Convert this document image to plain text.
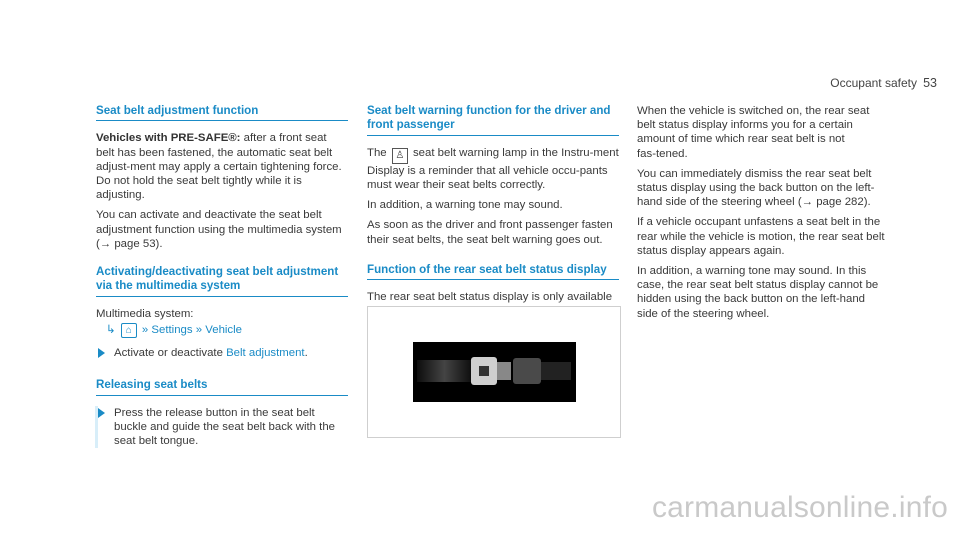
Occupant safety 53
Seat belt adjustment function

Vehicles with PRE‑SAFE®: after a front seat belt has been fastened, the automatic seat belt adjust‑ment may apply a certain tightening force. Do not hold the seat belt tightly while it is adjusting.

You can activate and deactivate the seat belt adjustment function using the multimedia system (→ page 53).

Activating/deactivating seat belt adjustment via the multimedia system

Multimedia system:

↳ ⌂ » Settings » Vehicle

Activate or deactivate Belt adjustment.

Releasing seat belts

Press the release button in the seat belt buckle and guide the seat belt back with the seat belt tongue.

Seat belt warning function for the driver and front passenger

The ♙ seat belt warning lamp in the Instru‑ment Display is a reminder that all vehicle occu‑pants must wear their seat belts correctly.

In addition, a warning tone may sound.

As soon as the driver and front passenger fasten their seat belts, the seat belt warning goes out.

Function of the rear seat belt status display

The rear seat belt status display is only available

When the vehicle is switched on, the rear seat belt status display informs you for a certain amount of time which rear seat belt is not fas‑tened.

You can immediately dismiss the rear seat belt status display using the back button on the left-hand side of the steering wheel (→ page 282).

If a vehicle occupant unfastens a seat belt in the rear while the vehicle is motion, the rear seat belt status display appears again.

In addition, a warning tone may sound. In this case, the rear seat belt status display cannot be hidden using the back button on the left-hand side of the steering wheel.

carmanualsonline.info
